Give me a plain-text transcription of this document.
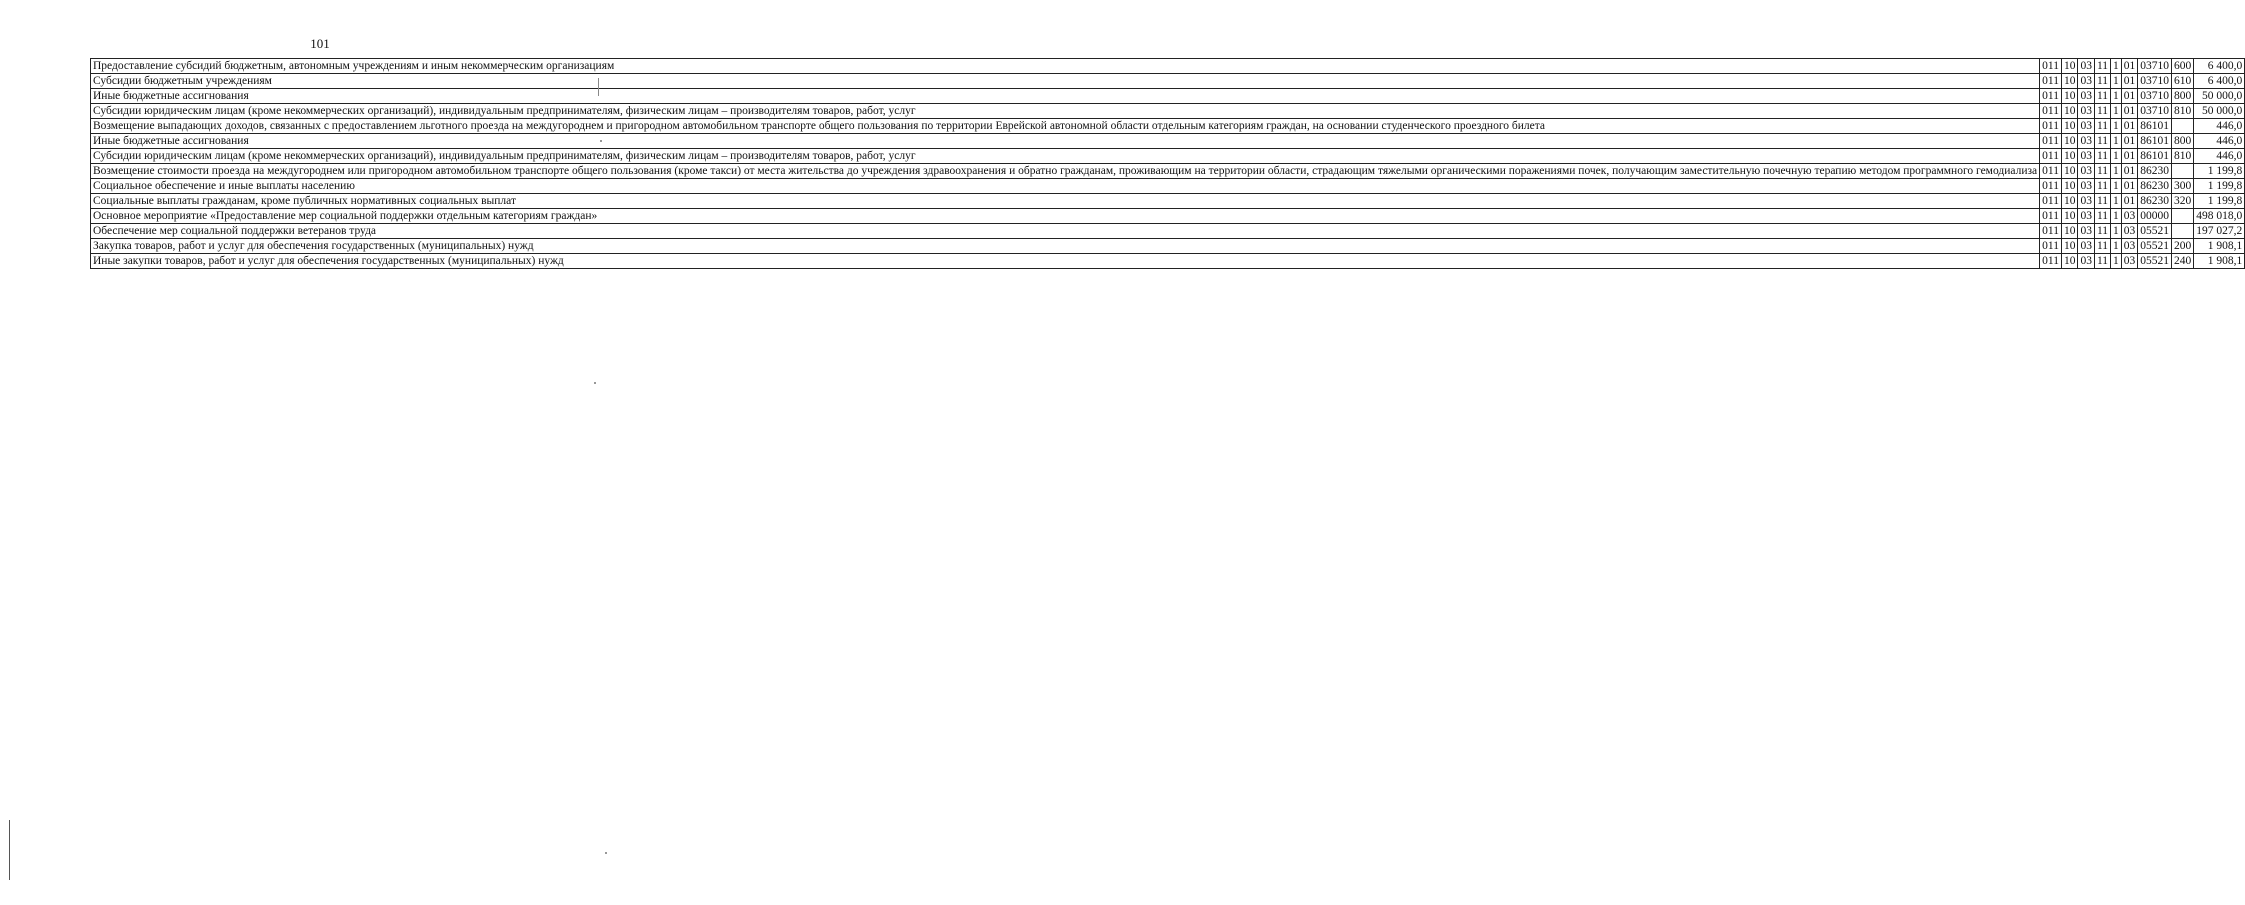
101
Предоставление субсидий бюджетным, автономным учреждениям и иным некоммерческим организациям	011	10	03	11	1	01	03710	600	6 400,0
Субсидии бюджетным учреждениям	011	10	03	11	1	01	03710	610	6 400,0
Иные бюджетные ассигнования	011	10	03	11	1	01	03710	800	50 000,0
Субсидии юридическим лицам (кроме некоммерческих организаций), индивидуальным предпринимателям, физическим лицам – производителям товаров, работ, услуг	011	10	03	11	1	01	03710	810	50 000,0
Возмещение выпадающих доходов, связанных с предоставлением льготного проезда на междугороднем и пригородном автомобильном транспорте общего пользования по территории Еврейской автономной области отдельным категориям граждан, на основании студенческого проездного билета	011	10	03	11	1	01	86101		446,0
Иные бюджетные ассигнования	011	10	03	11	1	01	86101	800	446,0
Субсидии юридическим лицам (кроме некоммерческих организаций), индивидуальным предпринимателям, физическим лицам – производителям товаров, работ, услуг	011	10	03	11	1	01	86101	810	446,0
Возмещение стоимости проезда на междугороднем или пригородном автомобильном транспорте общего пользования (кроме такси) от места жительства до учреждения здравоохранения и обратно гражданам, проживающим на территории области, страдающим тяжелыми органическими поражениями почек, получающим заместительную почечную терапию методом программного гемодиализа	011	10	03	11	1	01	86230		1 199,8
Социальное обеспечение и иные выплаты населению	011	10	03	11	1	01	86230	300	1 199,8
Социальные выплаты гражданам, кроме публичных нормативных социальных выплат	011	10	03	11	1	01	86230	320	1 199,8
Основное мероприятие «Предоставление мер социальной поддержки отдельным категориям граждан»	011	10	03	11	1	03	00000		498 018,0
Обеспечение мер социальной поддержки ветеранов труда	011	10	03	11	1	03	05521		197 027,2
Закупка товаров, работ и услуг для обеспечения государственных (муниципальных) нужд	011	10	03	11	1	03	05521	200	1 908,1
Иные закупки товаров, работ и услуг для обеспечения государственных (муниципальных) нужд	011	10	03	11	1	03	05521	240	1 908,1
